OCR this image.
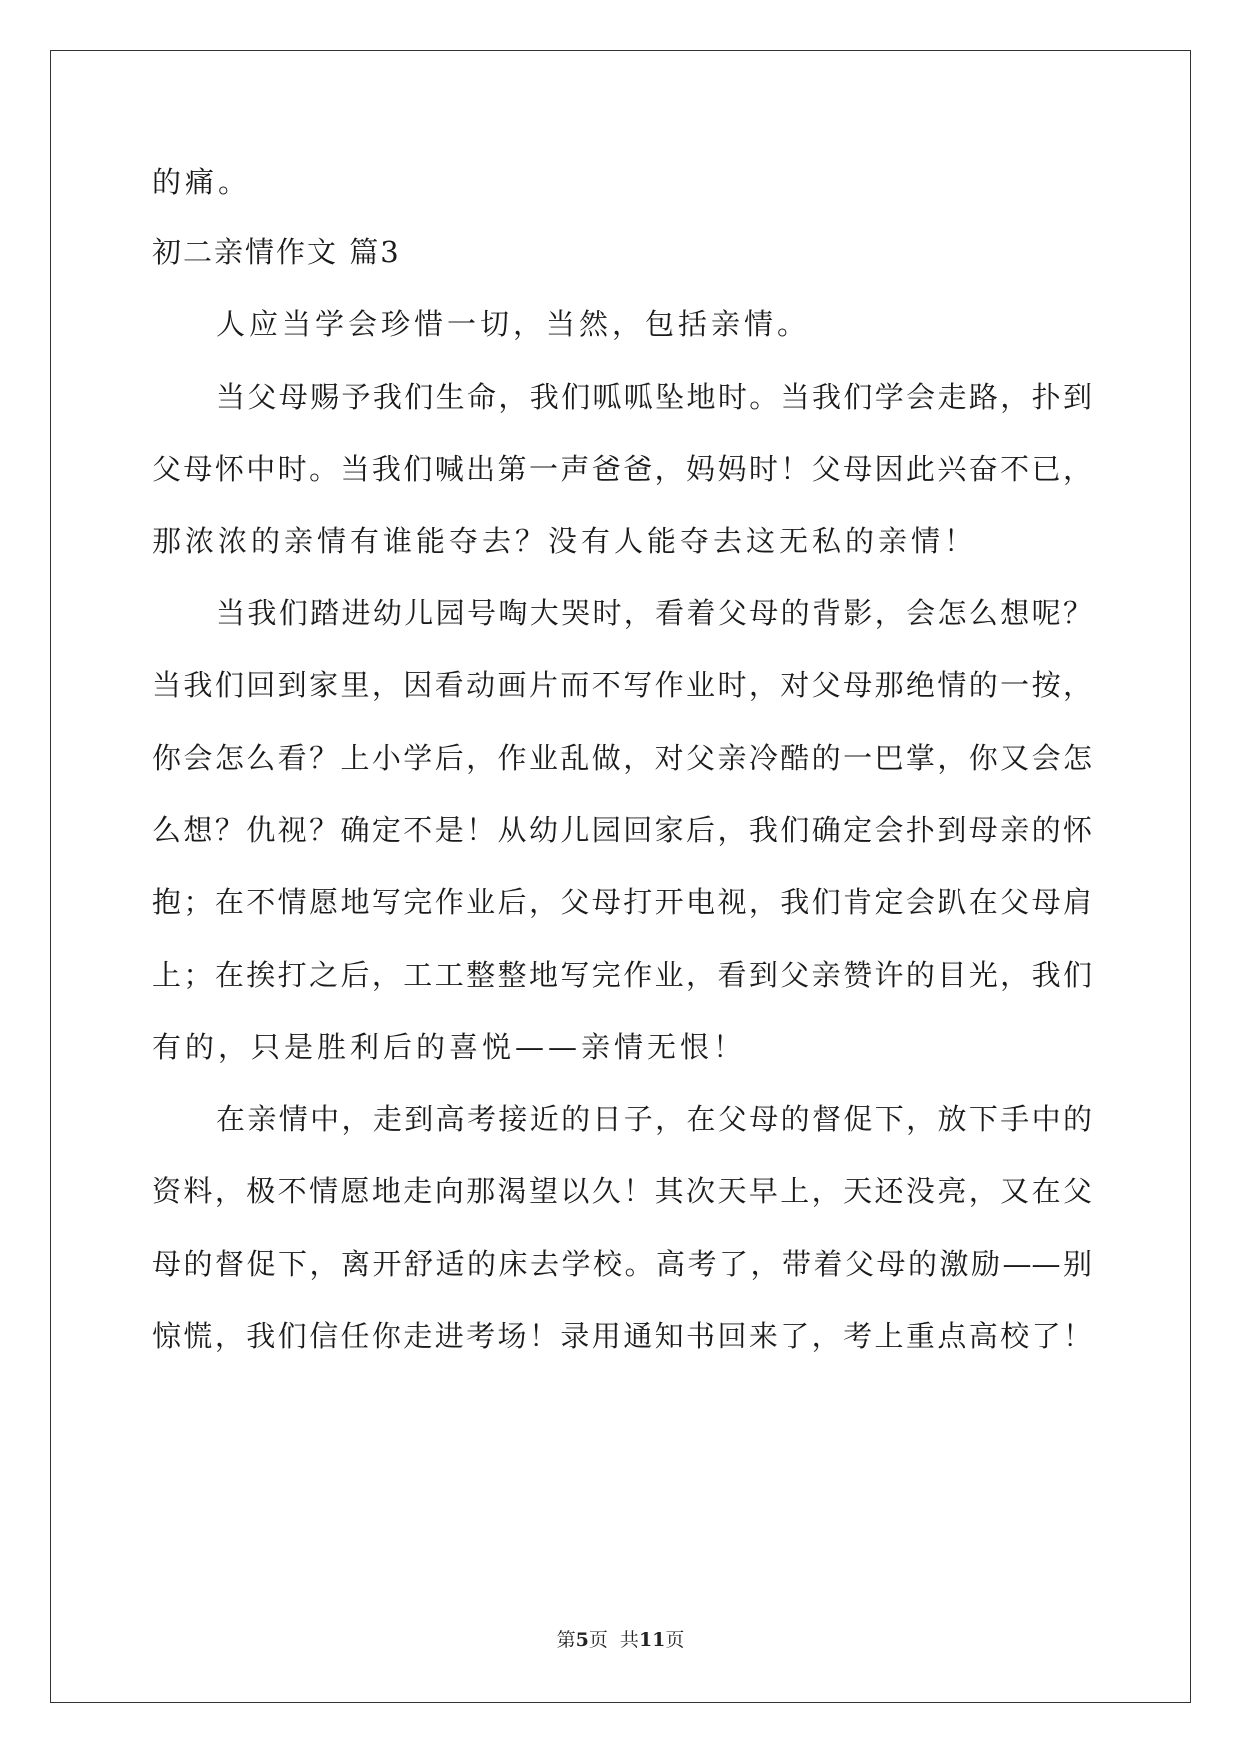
的痛。
初二亲情作文 篇3
人应当学会珍惜一切，当然，包括亲情。
当父母赐予我们生命，我们呱呱坠地时。当我们学会走路，扑到
父母怀中时。当我们喊出第一声爸爸，妈妈时！父母因此兴奋不已，
那浓浓的亲情有谁能夺去？没有人能夺去这无私的亲情！
当我们踏进幼儿园号啕大哭时，看着父母的背影，会怎么想呢？
当我们回到家里，因看动画片而不写作业时，对父母那绝情的一按，
你会怎么看？上小学后，作业乱做，对父亲冷酷的一巴掌，你又会怎
么想？仇视？确定不是！从幼儿园回家后，我们确定会扑到母亲的怀
抱；在不情愿地写完作业后，父母打开电视，我们肯定会趴在父母肩
上；在挨打之后，工工整整地写完作业，看到父亲赞许的目光，我们
有的，只是胜利后的喜悦——亲情无恨！
在亲情中，走到高考接近的日子，在父母的督促下，放下手中的
资料，极不情愿地走向那渴望以久！其次天早上，天还没亮，又在父
母的督促下，离开舒适的床去学校。高考了，带着父母的激励——别
惊慌，我们信任你走进考场！录用通知书回来了，考上重点高校了！
第5页  共11页
